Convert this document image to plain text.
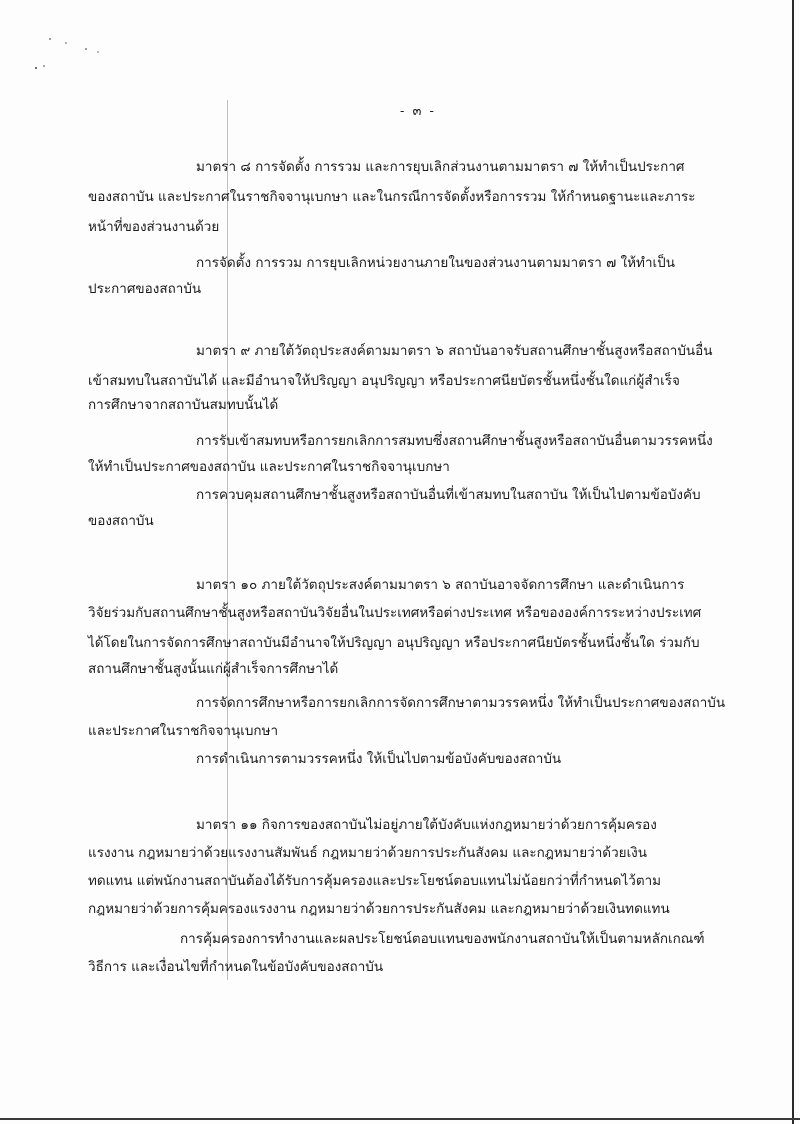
- ๓ -
มาตรา ๘ การจัดตั้ง การรวม และการยุบเลิกส่วนงานตามมาตรา ๗ ให้ทำเป็นประกาศ
ของสถาบัน และประกาศในราชกิจจานุเบกษา และในกรณีการจัดตั้งหรือการรวม ให้กำหนดฐานะและภาระ
หน้าที่ของส่วนงานด้วย
การจัดตั้ง การรวม การยุบเลิกหน่วยงานภายในของส่วนงานตามมาตรา ๗ ให้ทำเป็น
ประกาศของสถาบัน
มาตรา ๙ ภายใต้วัตถุประสงค์ตามมาตรา ๖ สถาบันอาจรับสถานศึกษาชั้นสูงหรือสถาบันอื่น
เข้าสมทบในสถาบันได้ และมีอำนาจให้ปริญญา อนุปริญญา หรือประกาศนียบัตรชั้นหนึ่งชั้นใดแก่ผู้สำเร็จ
การศึกษาจากสถาบันสมทบนั้นได้
การรับเข้าสมทบหรือการยกเลิกการสมทบซึ่งสถานศึกษาชั้นสูงหรือสถาบันอื่นตามวรรคหนึ่ง
ให้ทำเป็นประกาศของสถาบัน และประกาศในราชกิจจานุเบกษา
การควบคุมสถานศึกษาชั้นสูงหรือสถาบันอื่นที่เข้าสมทบในสถาบัน ให้เป็นไปตามข้อบังคับ
ของสถาบัน
มาตรา ๑๐ ภายใต้วัตถุประสงค์ตามมาตรา ๖ สถาบันอาจจัดการศึกษา และดำเนินการ
วิจัยร่วมกับสถานศึกษาชั้นสูงหรือสถาบันวิจัยอื่นในประเทศหรือต่างประเทศ หรือขององค์การระหว่างประเทศ
ได้โดยในการจัดการศึกษาสถาบันมีอำนาจให้ปริญญา อนุปริญญา หรือประกาศนียบัตรชั้นหนึ่งชั้นใด ร่วมกับ
สถานศึกษาชั้นสูงนั้นแก่ผู้สำเร็จการศึกษาได้
การจัดการศึกษาหรือการยกเลิกการจัดการศึกษาตามวรรคหนึ่ง ให้ทำเป็นประกาศของสถาบัน
และประกาศในราชกิจจานุเบกษา
การดำเนินการตามวรรคหนึ่ง ให้เป็นไปตามข้อบังคับของสถาบัน
มาตรา ๑๑ กิจการของสถาบันไม่อยู่ภายใต้บังคับแห่งกฎหมายว่าด้วยการคุ้มครอง
แรงงาน กฎหมายว่าด้วยแรงงานสัมพันธ์ กฎหมายว่าด้วยการประกันสังคม และกฎหมายว่าด้วยเงิน
ทดแทน แต่พนักงานสถาบันต้องได้รับการคุ้มครองและประโยชน์ตอบแทนไม่น้อยกว่าที่กำหนดไว้ตาม
กฎหมายว่าด้วยการคุ้มครองแรงงาน กฎหมายว่าด้วยการประกันสังคม และกฎหมายว่าด้วยเงินทดแทน
การคุ้มครองการทำงานและผลประโยชน์ตอบแทนของพนักงานสถาบันให้เป็นตามหลักเกณฑ์
วิธีการ และเงื่อนไขที่กำหนดในข้อบังคับของสถาบัน
